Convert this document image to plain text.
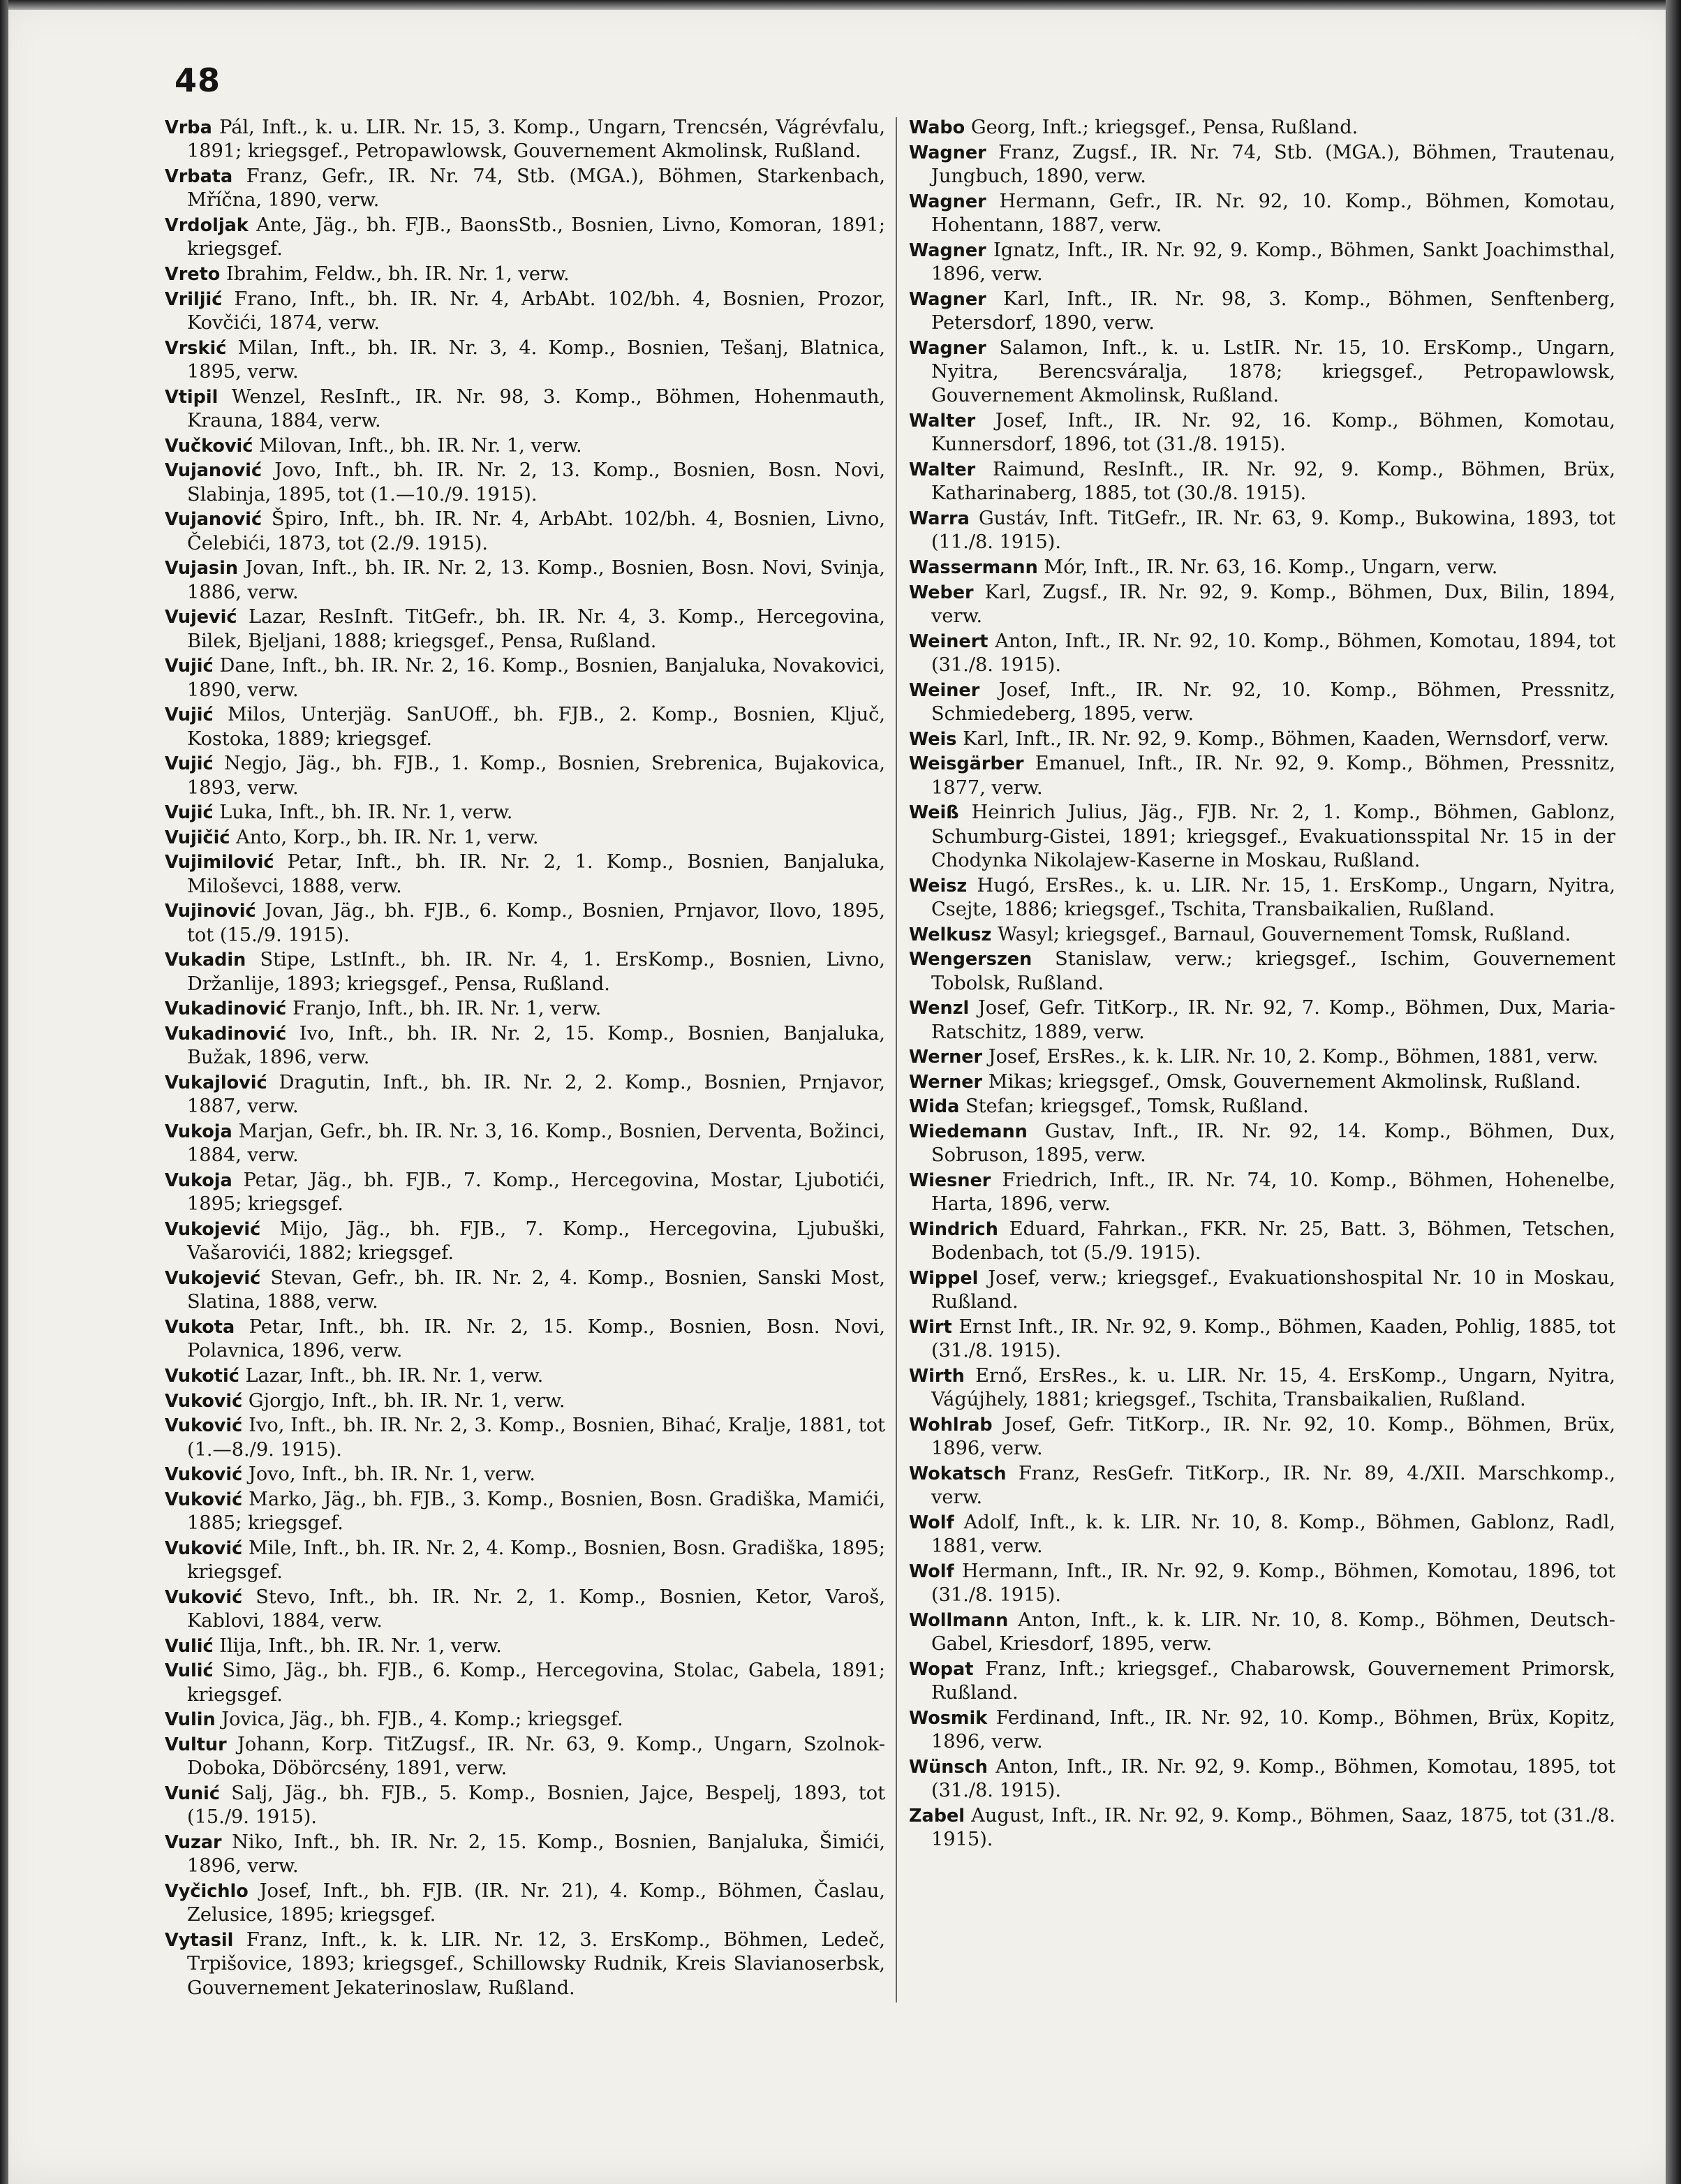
48

Vrba Pál, Inft., k. u. LIR. Nr. 15, 3. Komp., Ungarn, Trencsén, Vágrévfalu, 1891; kriegsgef., Petropawlowsk, Gouvernement Akmolinsk, Rußland.

Vrbata Franz, Gefr., IR. Nr. 74, Stb. (MGA.), Böhmen, Starkenbach, Mříčna, 1890, verw.

Vrdoljak Ante, Jäg., bh. FJB., BaonsStb., Bosnien, Livno, Komoran, 1891; kriegsgef.

Vreto Ibrahim, Feldw., bh. IR. Nr. 1, verw.

Vriljić Frano, Inft., bh. IR. Nr. 4, ArbAbt. 102/bh. 4, Bosnien, Prozor, Kovčići, 1874, verw.

Vrskić Milan, Inft., bh. IR. Nr. 3, 4. Komp., Bosnien, Tešanj, Blatnica, 1895, verw.

Vtipil Wenzel, ResInft., IR. Nr. 98, 3. Komp., Böhmen, Hohenmauth, Krauna, 1884, verw.

Vučković Milovan, Inft., bh. IR. Nr. 1, verw.

Vujanović Jovo, Inft., bh. IR. Nr. 2, 13. Komp., Bosnien, Bosn. Novi, Slabinja, 1895, tot (1.—10./9. 1915).

Vujanović Špiro, Inft., bh. IR. Nr. 4, ArbAbt. 102/bh. 4, Bosnien, Livno, Čelebići, 1873, tot (2./9. 1915).

Vujasin Jovan, Inft., bh. IR. Nr. 2, 13. Komp., Bosnien, Bosn. Novi, Svinja, 1886, verw.

Vujević Lazar, ResInft. TitGefr., bh. IR. Nr. 4, 3. Komp., Hercegovina, Bilek, Bjeljani, 1888; kriegsgef., Pensa, Rußland.

Vujić Dane, Inft., bh. IR. Nr. 2, 16. Komp., Bosnien, Banjaluka, Novakovici, 1890, verw.

Vujić Milos, Unterjäg. SanUOff., bh. FJB., 2. Komp., Bosnien, Ključ, Kostoka, 1889; kriegsgef.

Vujić Negjo, Jäg., bh. FJB., 1. Komp., Bosnien, Srebrenica, Bujakovica, 1893, verw.

Vujić Luka, Inft., bh. IR. Nr. 1, verw.

Vujičić Anto, Korp., bh. IR. Nr. 1, verw.

Vujimilović Petar, Inft., bh. IR. Nr. 2, 1. Komp., Bosnien, Banjaluka, Miloševci, 1888, verw.

Vujinović Jovan, Jäg., bh. FJB., 6. Komp., Bosnien, Prnjavor, Ilovo, 1895, tot (15./9. 1915).

Vukadin Stipe, LstInft., bh. IR. Nr. 4, 1. ErsKomp., Bosnien, Livno, Držanlije, 1893; kriegsgef., Pensa, Rußland.

Vukadinović Franjo, Inft., bh. IR. Nr. 1, verw.

Vukadinović Ivo, Inft., bh. IR. Nr. 2, 15. Komp., Bosnien, Banjaluka, Bužak, 1896, verw.

Vukajlović Dragutin, Inft., bh. IR. Nr. 2, 2. Komp., Bosnien, Prnjavor, 1887, verw.

Vukoja Marjan, Gefr., bh. IR. Nr. 3, 16. Komp., Bosnien, Derventa, Božinci, 1884, verw.

Vukoja Petar, Jäg., bh. FJB., 7. Komp., Hercegovina, Mostar, Ljubotići, 1895; kriegsgef.

Vukojević Mijo, Jäg., bh. FJB., 7. Komp., Hercegovina, Ljubuški, Vašarovići, 1882; kriegsgef.

Vukojević Stevan, Gefr., bh. IR. Nr. 2, 4. Komp., Bosnien, Sanski Most, Slatina, 1888, verw.

Vukota Petar, Inft., bh. IR. Nr. 2, 15. Komp., Bosnien, Bosn. Novi, Polavnica, 1896, verw.

Vukotić Lazar, Inft., bh. IR. Nr. 1, verw.

Vuković Gjorgjo, Inft., bh. IR. Nr. 1, verw.

Vuković Ivo, Inft., bh. IR. Nr. 2, 3. Komp., Bosnien, Bihać, Kralje, 1881, tot (1.—8./9. 1915).

Vuković Jovo, Inft., bh. IR. Nr. 1, verw.

Vuković Marko, Jäg., bh. FJB., 3. Komp., Bosnien, Bosn. Gradiška, Mamići, 1885; kriegsgef.

Vuković Mile, Inft., bh. IR. Nr. 2, 4. Komp., Bosnien, Bosn. Gradiška, 1895; kriegsgef.

Vuković Stevo, Inft., bh. IR. Nr. 2, 1. Komp., Bosnien, Ketor, Varoš, Kablovi, 1884, verw.

Vulić Ilija, Inft., bh. IR. Nr. 1, verw.

Vulić Simo, Jäg., bh. FJB., 6. Komp., Hercegovina, Stolac, Gabela, 1891; kriegsgef.

Vulin Jovica, Jäg., bh. FJB., 4. Komp.; kriegsgef.

Vultur Johann, Korp. TitZugsf., IR. Nr. 63, 9. Komp., Ungarn, Szolnok-Doboka, Döbörcsény, 1891, verw.

Vunić Salj, Jäg., bh. FJB., 5. Komp., Bosnien, Jajce, Bespelj, 1893, tot (15./9. 1915).

Vuzar Niko, Inft., bh. IR. Nr. 2, 15. Komp., Bosnien, Banjaluka, Šimići, 1896, verw.

Vyčichlo Josef, Inft., bh. FJB. (IR. Nr. 21), 4. Komp., Böhmen, Časlau, Zelusice, 1895; kriegsgef.

Vytasil Franz, Inft., k. k. LIR. Nr. 12, 3. ErsKomp., Böhmen, Ledeč, Trpišovice, 1893; kriegsgef., Schillowsky Rudnik, Kreis Slavianoserbsk, Gouvernement Jekaterinoslaw, Rußland.

Wabo Georg, Inft.; kriegsgef., Pensa, Rußland.

Wagner Franz, Zugsf., IR. Nr. 74, Stb. (MGA.), Böhmen, Trautenau, Jungbuch, 1890, verw.

Wagner Hermann, Gefr., IR. Nr. 92, 10. Komp., Böhmen, Komotau, Hohentann, 1887, verw.

Wagner Ignatz, Inft., IR. Nr. 92, 9. Komp., Böhmen, Sankt Joachimsthal, 1896, verw.

Wagner Karl, Inft., IR. Nr. 98, 3. Komp., Böhmen, Senftenberg, Petersdorf, 1890, verw.

Wagner Salamon, Inft., k. u. LstIR. Nr. 15, 10. ErsKomp., Ungarn, Nyitra, Berencsváralja, 1878; kriegsgef., Petropawlowsk, Gouvernement Akmolinsk, Rußland.

Walter Josef, Inft., IR. Nr. 92, 16. Komp., Böhmen, Komotau, Kunnersdorf, 1896, tot (31./8. 1915).

Walter Raimund, ResInft., IR. Nr. 92, 9. Komp., Böhmen, Brüx, Katharinaberg, 1885, tot (30./8. 1915).

Warra Gustáv, Inft. TitGefr., IR. Nr. 63, 9. Komp., Bukowina, 1893, tot (11./8. 1915).

Wassermann Mór, Inft., IR. Nr. 63, 16. Komp., Ungarn, verw.

Weber Karl, Zugsf., IR. Nr. 92, 9. Komp., Böhmen, Dux, Bilin, 1894, verw.

Weinert Anton, Inft., IR. Nr. 92, 10. Komp., Böhmen, Komotau, 1894, tot (31./8. 1915).

Weiner Josef, Inft., IR. Nr. 92, 10. Komp., Böhmen, Pressnitz, Schmiedeberg, 1895, verw.

Weis Karl, Inft., IR. Nr. 92, 9. Komp., Böhmen, Kaaden, Wernsdorf, verw.

Weisgärber Emanuel, Inft., IR. Nr. 92, 9. Komp., Böhmen, Pressnitz, 1877, verw.

Weiß Heinrich Julius, Jäg., FJB. Nr. 2, 1. Komp., Böhmen, Gablonz, Schumburg-Gistei, 1891; kriegsgef., Evakuationsspital Nr. 15 in der Chodynka Nikolajew-Kaserne in Moskau, Rußland.

Weisz Hugó, ErsRes., k. u. LIR. Nr. 15, 1. ErsKomp., Ungarn, Nyitra, Csejte, 1886; kriegsgef., Tschita, Transbaikalien, Rußland.

Welkusz Wasyl; kriegsgef., Barnaul, Gouvernement Tomsk, Rußland.

Wengerszen Stanislaw, verw.; kriegsgef., Ischim, Gouvernement Tobolsk, Rußland.

Wenzl Josef, Gefr. TitKorp., IR. Nr. 92, 7. Komp., Böhmen, Dux, Maria-Ratschitz, 1889, verw.

Werner Josef, ErsRes., k. k. LIR. Nr. 10, 2. Komp., Böhmen, 1881, verw.

Werner Mikas; kriegsgef., Omsk, Gouvernement Akmolinsk, Rußland.

Wida Stefan; kriegsgef., Tomsk, Rußland.

Wiedemann Gustav, Inft., IR. Nr. 92, 14. Komp., Böhmen, Dux, Sobruson, 1895, verw.

Wiesner Friedrich, Inft., IR. Nr. 74, 10. Komp., Böhmen, Hohenelbe, Harta, 1896, verw.

Windrich Eduard, Fahrkan., FKR. Nr. 25, Batt. 3, Böhmen, Tetschen, Bodenbach, tot (5./9. 1915).

Wippel Josef, verw.; kriegsgef., Evakuationshospital Nr. 10 in Moskau, Rußland.

Wirt Ernst Inft., IR. Nr. 92, 9. Komp., Böhmen, Kaaden, Pohlig, 1885, tot (31./8. 1915).

Wirth Ernő, ErsRes., k. u. LIR. Nr. 15, 4. ErsKomp., Ungarn, Nyitra, Vágújhely, 1881; kriegsgef., Tschita, Transbaikalien, Rußland.

Wohlrab Josef, Gefr. TitKorp., IR. Nr. 92, 10. Komp., Böhmen, Brüx, 1896, verw.

Wokatsch Franz, ResGefr. TitKorp., IR. Nr. 89, 4./XII. Marschkomp., verw.

Wolf Adolf, Inft., k. k. LIR. Nr. 10, 8. Komp., Böhmen, Gablonz, Radl, 1881, verw.

Wolf Hermann, Inft., IR. Nr. 92, 9. Komp., Böhmen, Komotau, 1896, tot (31./8. 1915).

Wollmann Anton, Inft., k. k. LIR. Nr. 10, 8. Komp., Böhmen, Deutsch-Gabel, Kriesdorf, 1895, verw.

Wopat Franz, Inft.; kriegsgef., Chabarowsk, Gouvernement Primorsk, Rußland.

Wosmik Ferdinand, Inft., IR. Nr. 92, 10. Komp., Böhmen, Brüx, Kopitz, 1896, verw.

Wünsch Anton, Inft., IR. Nr. 92, 9. Komp., Böhmen, Komotau, 1895, tot (31./8. 1915).

Zabel August, Inft., IR. Nr. 92, 9. Komp., Böhmen, Saaz, 1875, tot (31./8. 1915).
